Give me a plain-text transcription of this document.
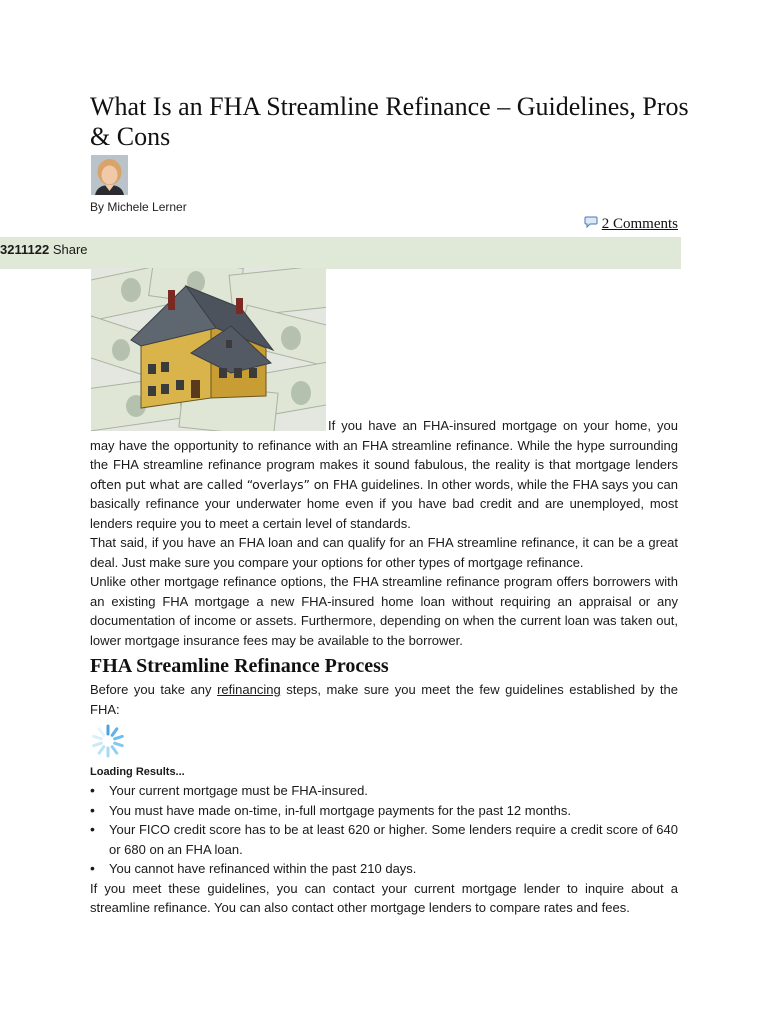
What Is an FHA Streamline Refinance – Guidelines, Pros & Cons
By Michele Lerner
2 Comments
3211122 Share

If you have an FHA-insured mortgage on your home, you may have the opportunity to refinance with an FHA streamline refinance. While the hype surrounding the FHA streamline refinance program makes it sound fabulous, the reality is that mortgage lenders often put what are called “overlays” on FHA guidelines. In other words, while the FHA says you can basically refinance your underwater home even if you have bad credit and are unemployed, most lenders require you to meet a certain level of standards.

That said, if you have an FHA loan and can qualify for an FHA streamline refinance, it can be a great deal. Just make sure you compare your options for other types of mortgage refinance.

Unlike other mortgage refinance options, the FHA streamline refinance program offers borrowers with an existing FHA mortgage a new FHA-insured home loan without requiring an appraisal or any documentation of income or assets. Furthermore, depending on when the current loan was taken out, lower mortgage insurance fees may be available to the borrower.

FHA Streamline Refinance Process

Before you take any refinancing steps, make sure you meet the few guidelines established by the FHA:

Loading Results...
• Your current mortgage must be FHA-insured.
• You must have made on-time, in-full mortgage payments for the past 12 months.
• Your FICO credit score has to be at least 620 or higher. Some lenders require a credit score of 640 or 680 on an FHA loan.
• You cannot have refinanced within the past 210 days.

If you meet these guidelines, you can contact your current mortgage lender to inquire about a streamline refinance. You can also contact other mortgage lenders to compare rates and fees.
